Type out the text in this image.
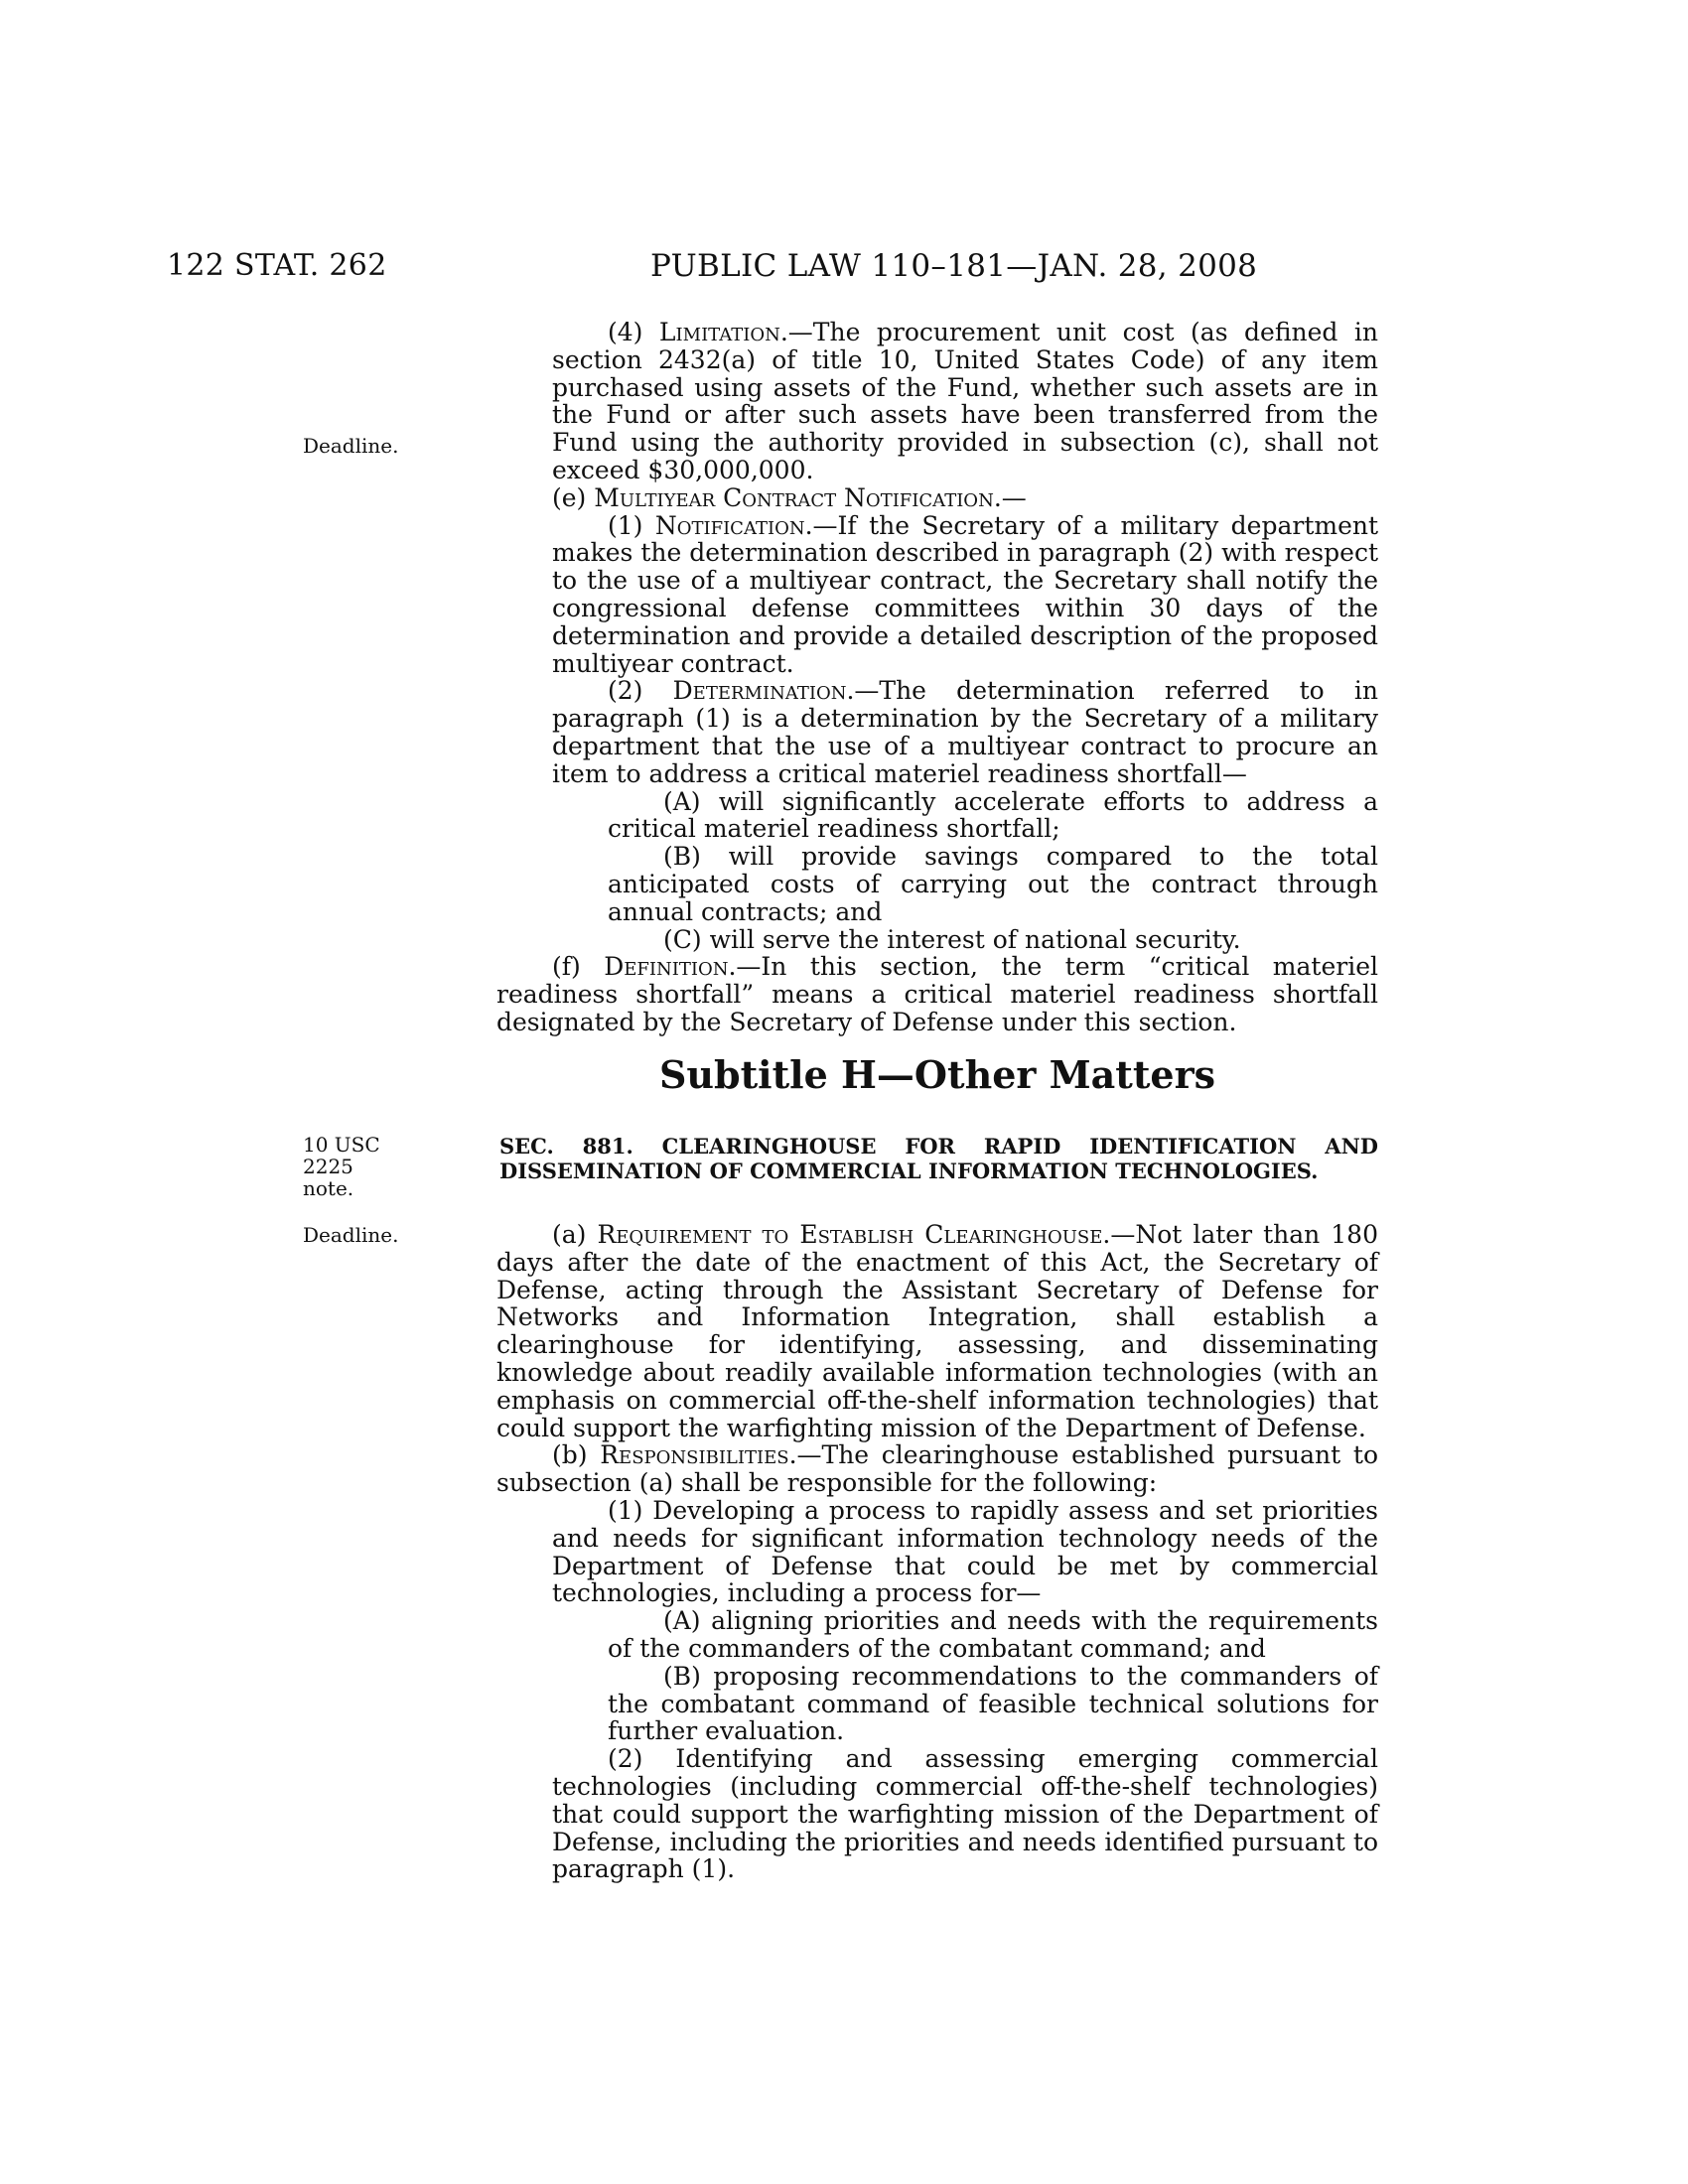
122 STAT. 262	PUBLIC LAW 110–181—JAN. 28, 2008
Deadline.
10 USC 2225
note.
Deadline.

(4) Limitation.—The procurement unit cost (as defined in section 2432(a) of title 10, United States Code) of any item purchased using assets of the Fund, whether such assets are in the Fund or after such assets have been transferred from the Fund using the authority provided in subsection (c), shall not exceed $30,000,000.

(e) Multiyear Contract Notification.—

(1) Notification.—If the Secretary of a military department makes the determination described in paragraph (2) with respect to the use of a multiyear contract, the Secretary shall notify the congressional defense committees within 30 days of the determination and provide a detailed description of the proposed multiyear contract.

(2) Determination.—The determination referred to in paragraph (1) is a determination by the Secretary of a military department that the use of a multiyear contract to procure an item to address a critical materiel readiness shortfall—

(A) will significantly accelerate efforts to address a critical materiel readiness shortfall;

(B) will provide savings compared to the total anticipated costs of carrying out the contract through annual contracts; and

(C) will serve the interest of national security.

(f) Definition.—In this section, the term “critical materiel readiness shortfall” means a critical materiel readiness shortfall designated by the Secretary of Defense under this section.

Subtitle H—Other Matters
SEC. 881. CLEARINGHOUSE FOR RAPID IDENTIFICATION AND DISSEMINATION OF COMMERCIAL INFORMATION TECHNOLOGIES.

(a) Requirement to Establish Clearinghouse.—Not later than 180 days after the date of the enactment of this Act, the Secretary of Defense, acting through the Assistant Secretary of Defense for Networks and Information Integration, shall establish a clearinghouse for identifying, assessing, and disseminating knowledge about readily available information technologies (with an emphasis on commercial off-the-shelf information technologies) that could support the warfighting mission of the Department of Defense.

(b) Responsibilities.—The clearinghouse established pursuant to subsection (a) shall be responsible for the following:

(1) Developing a process to rapidly assess and set priorities and needs for significant information technology needs of the Department of Defense that could be met by commercial technologies, including a process for—

(A) aligning priorities and needs with the requirements of the commanders of the combatant command; and

(B) proposing recommendations to the commanders of the combatant command of feasible technical solutions for further evaluation.

(2) Identifying and assessing emerging commercial technologies (including commercial off-the-shelf technologies) that could support the warfighting mission of the Department of Defense, including the priorities and needs identified pursuant to paragraph (1).
